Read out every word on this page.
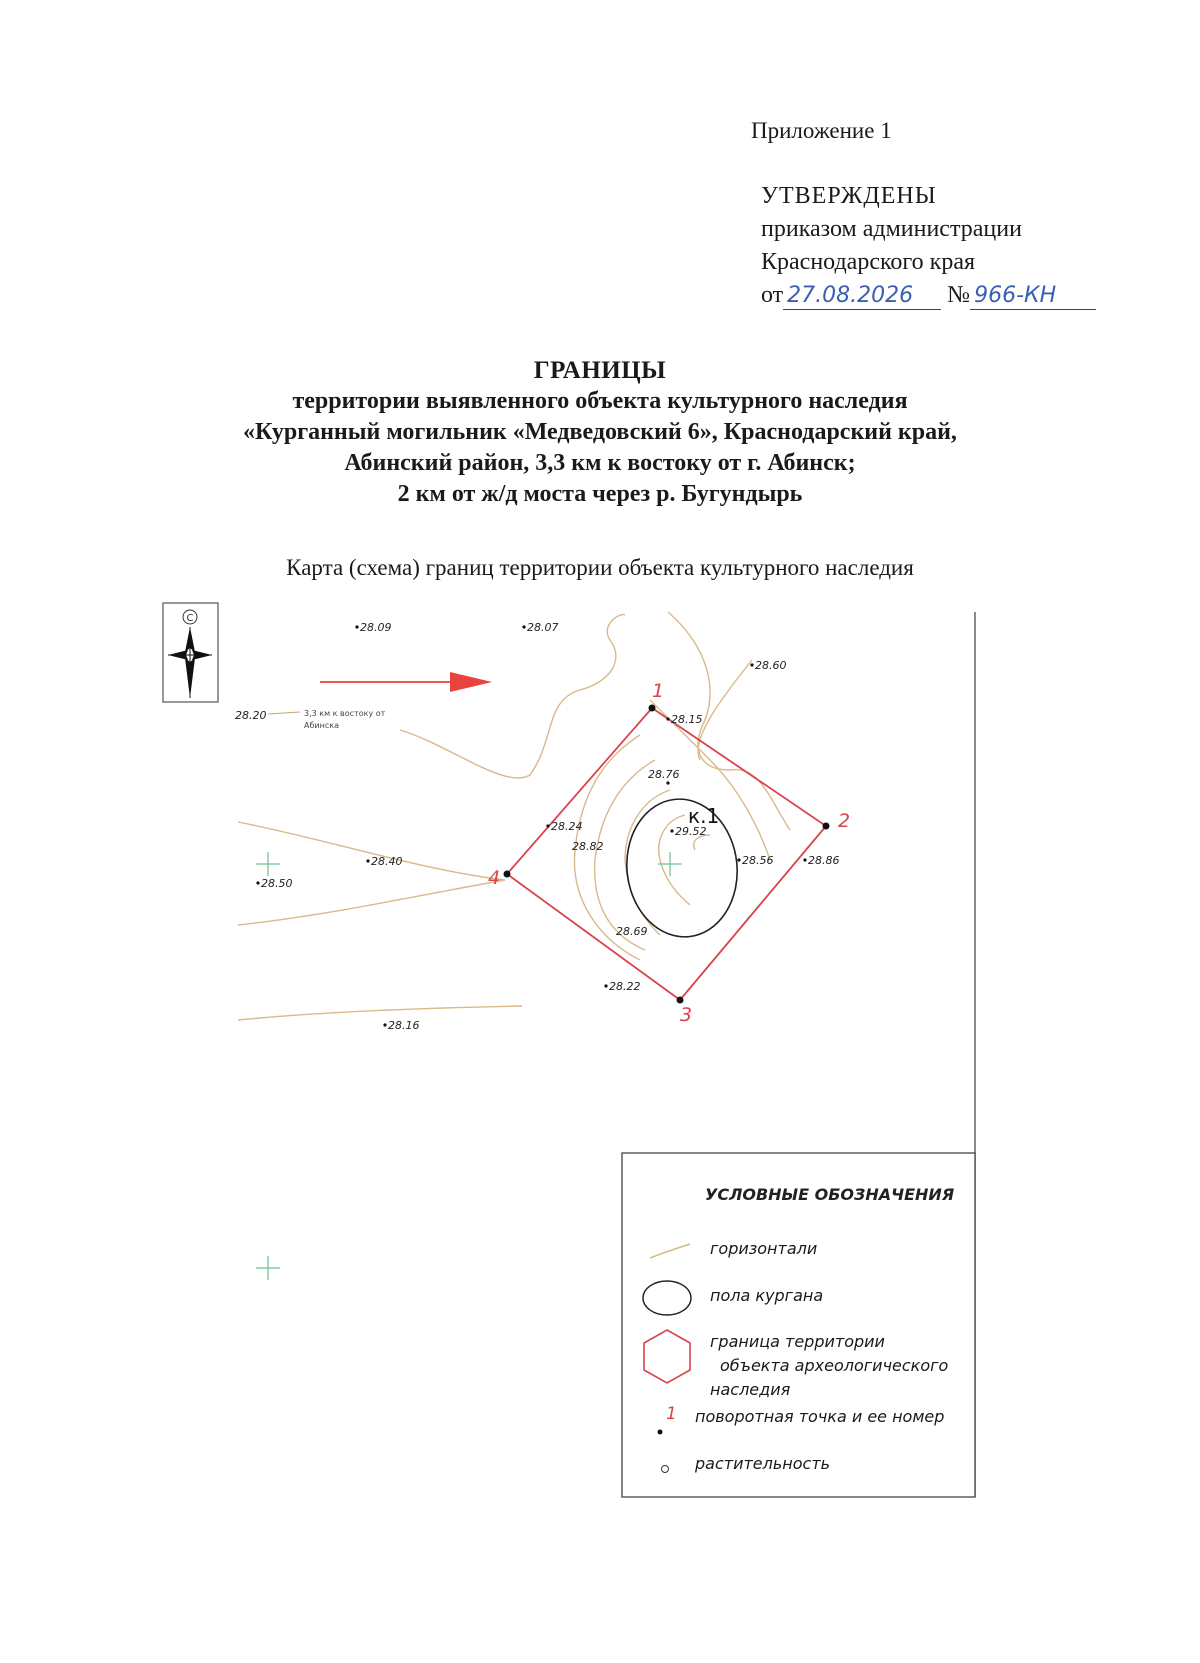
Приложение 1
УТВЕРЖДЕНЫ
приказом администрации
Краснодарского края
от 27.08.2026 № 966-КН
ГРАНИЦЫ
территории выявленного объекта культурного наследия
«Курганный могильник «Медведовский 6», Краснодарский край,
Абинский район, 3,3 км к востоку от г. Абинск;
2 км от ж/д моста через р. Бугундырь
Карта (схема) границ территории объекта культурного наследия
С
3,3 км к востоку от
Абинска
1
2
3
4
к.1
28.09	28.07
28.60
28.20	28.15
28.76
28.24
28.82
29.52
28.56	28.86
28.40
28.50
28.69
28.22
28.16
УСЛОВНЫЕ ОБОЗНАЧЕНИЯ
горизонтали
пола кургана
граница территории
объекта археологического
наследия
1 поворотная точка и ее номер
растительность
